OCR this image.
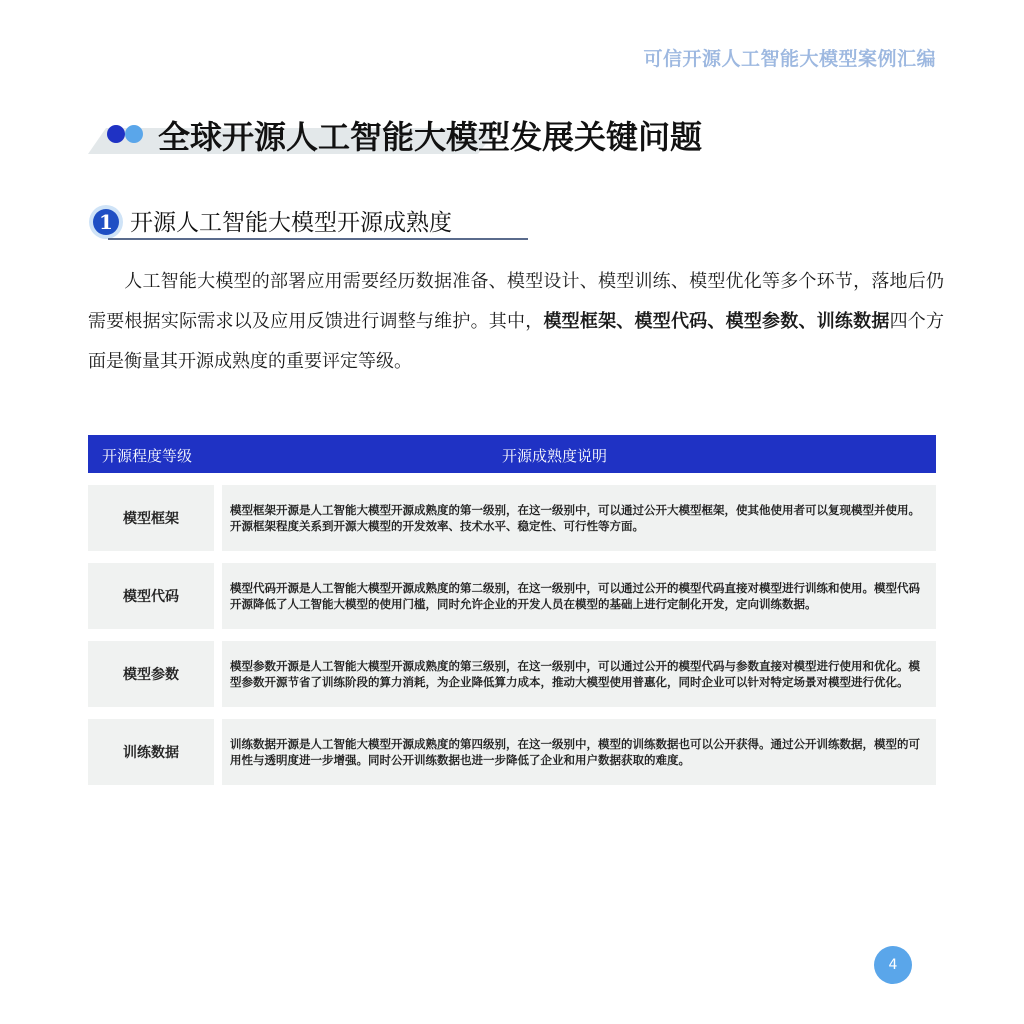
可信开源人工智能大模型案例汇编
全球开源人工智能大模型发展关键问题
1 开源人工智能大模型开源成熟度
人工智能大模型的部署应用需要经历数据准备、模型设计、模型训练、模型优化等多个环节，落地后仍需要根据实际需求以及应用反馈进行调整与维护。其中，模型框架、模型代码、模型参数、训练数据四个方面是衡量其开源成熟度的重要评定等级。
开源程度等级	开源成熟度说明
模型框架
模型框架开源是人工智能大模型开源成熟度的第一级别，在这一级别中，可以通过公开大模型框架，使其他使用者可以复现模型并使用。开源框架程度关系到开源大模型的开发效率、技术水平、稳定性、可行性等方面。
模型代码
模型代码开源是人工智能大模型开源成熟度的第二级别，在这一级别中，可以通过公开的模型代码直接对模型进行训练和使用。模型代码开源降低了人工智能大模型的使用门槛，同时允许企业的开发人员在模型的基础上进行定制化开发，定向训练数据。
模型参数
模型参数开源是人工智能大模型开源成熟度的第三级别，在这一级别中，可以通过公开的模型代码与参数直接对模型进行使用和优化。模型参数开源节省了训练阶段的算力消耗，为企业降低算力成本，推动大模型使用普惠化，同时企业可以针对特定场景对模型进行优化。
训练数据
训练数据开源是人工智能大模型开源成熟度的第四级别，在这一级别中，模型的训练数据也可以公开获得。通过公开训练数据，模型的可用性与透明度进一步增强。同时公开训练数据也进一步降低了企业和用户数据获取的难度。
4
